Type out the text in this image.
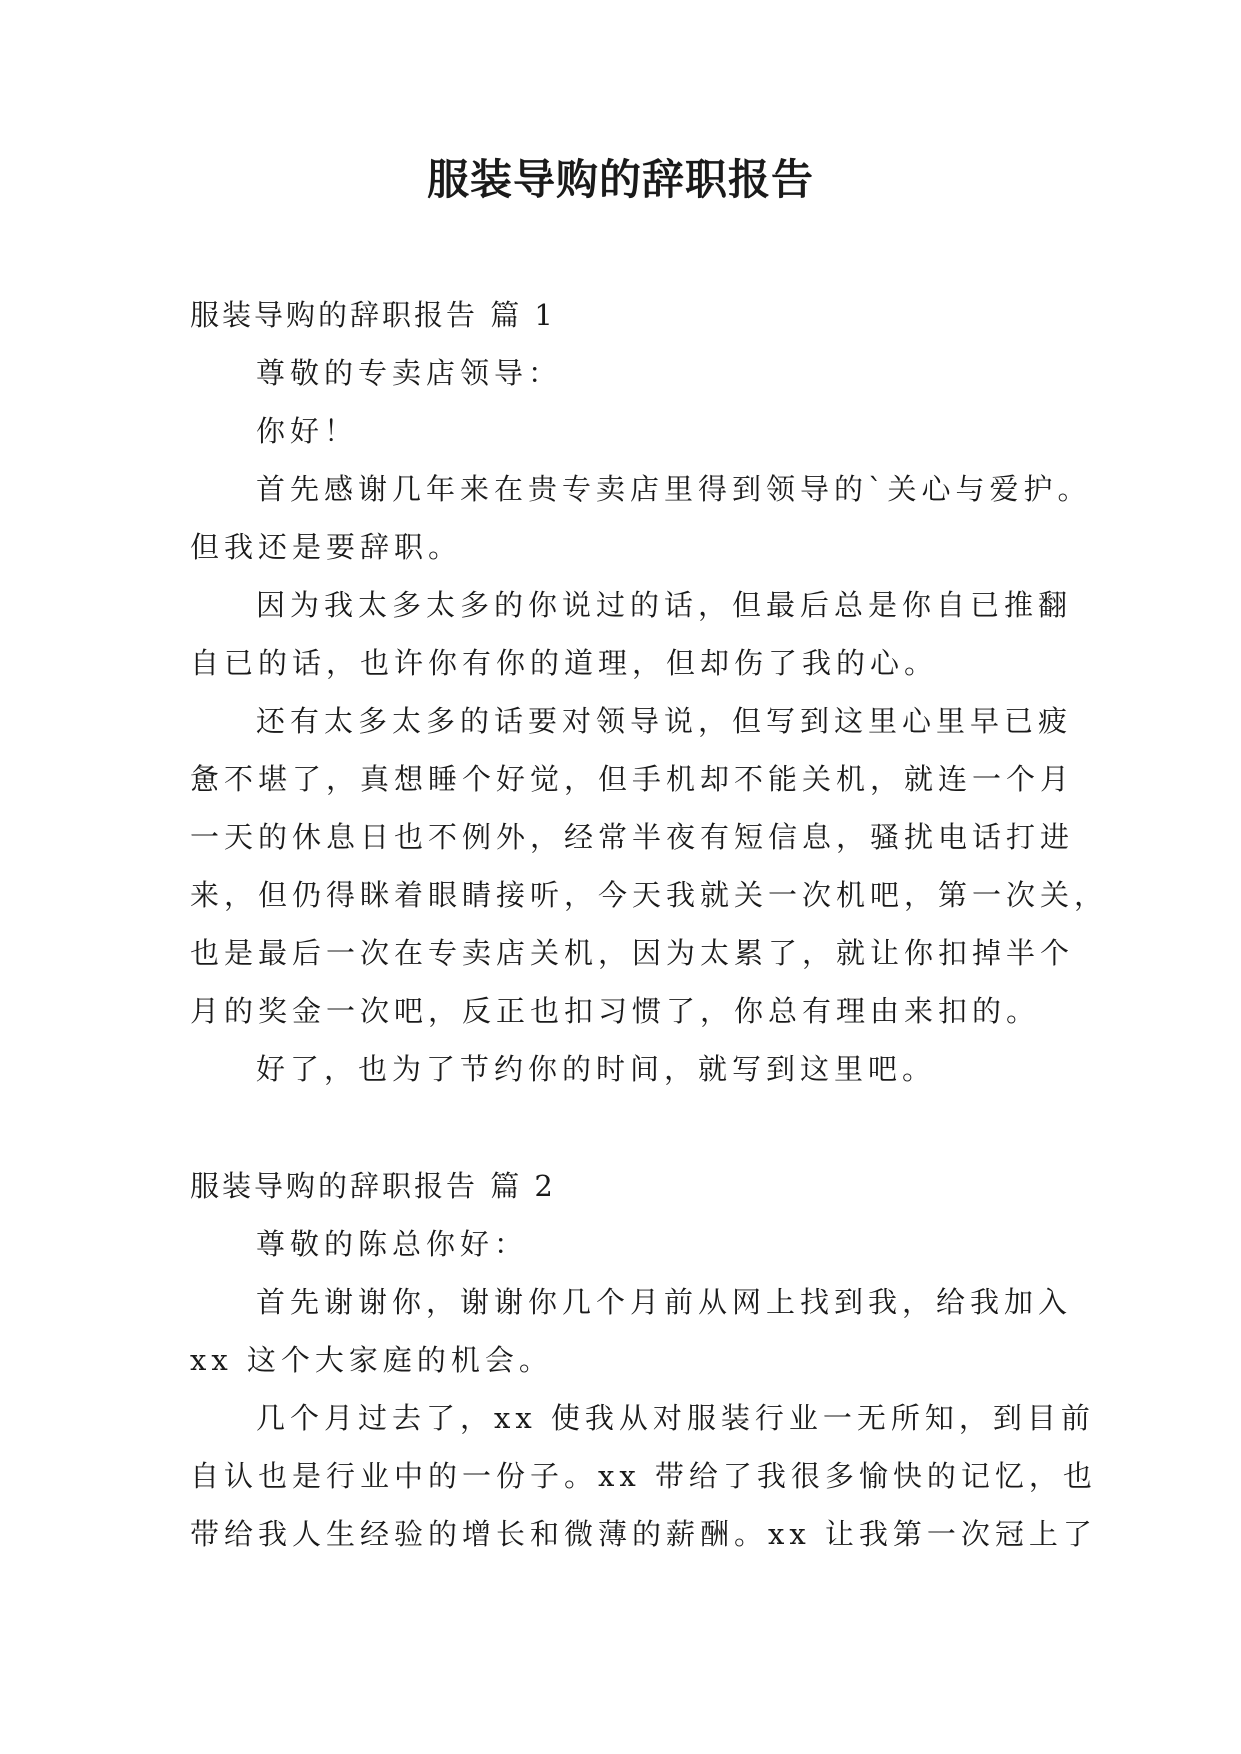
服装导购的辞职报告
服装导购的辞职报告 篇 1

尊敬的专卖店领导：

你好！

首先感谢几年来在贵专卖店里得到领导的`关心与爱护。
但我还是要辞职。

因为我太多太多的你说过的话，但最后总是你自已推翻
自已的话，也许你有你的道理，但却伤了我的心。

还有太多太多的话要对领导说，但写到这里心里早已疲
惫不堪了，真想睡个好觉，但手机却不能关机，就连一个月
一天的休息日也不例外，经常半夜有短信息，骚扰电话打进
来，但仍得眯着眼睛接听，今天我就关一次机吧，第一次关，
也是最后一次在专卖店关机，因为太累了，就让你扣掉半个
月的奖金一次吧，反正也扣习惯了，你总有理由来扣的。

好了，也为了节约你的时间，就写到这里吧。

服装导购的辞职报告 篇 2

尊敬的陈总你好：

首先谢谢你，谢谢你几个月前从网上找到我，给我加入
xx 这个大家庭的机会。

几个月过去了，xx 使我从对服装行业一无所知，到目前
自认也是行业中的一份子。xx 带给了我很多愉快的记忆，也
带给我人生经验的增长和微薄的薪酬。xx 让我第一次冠上了
